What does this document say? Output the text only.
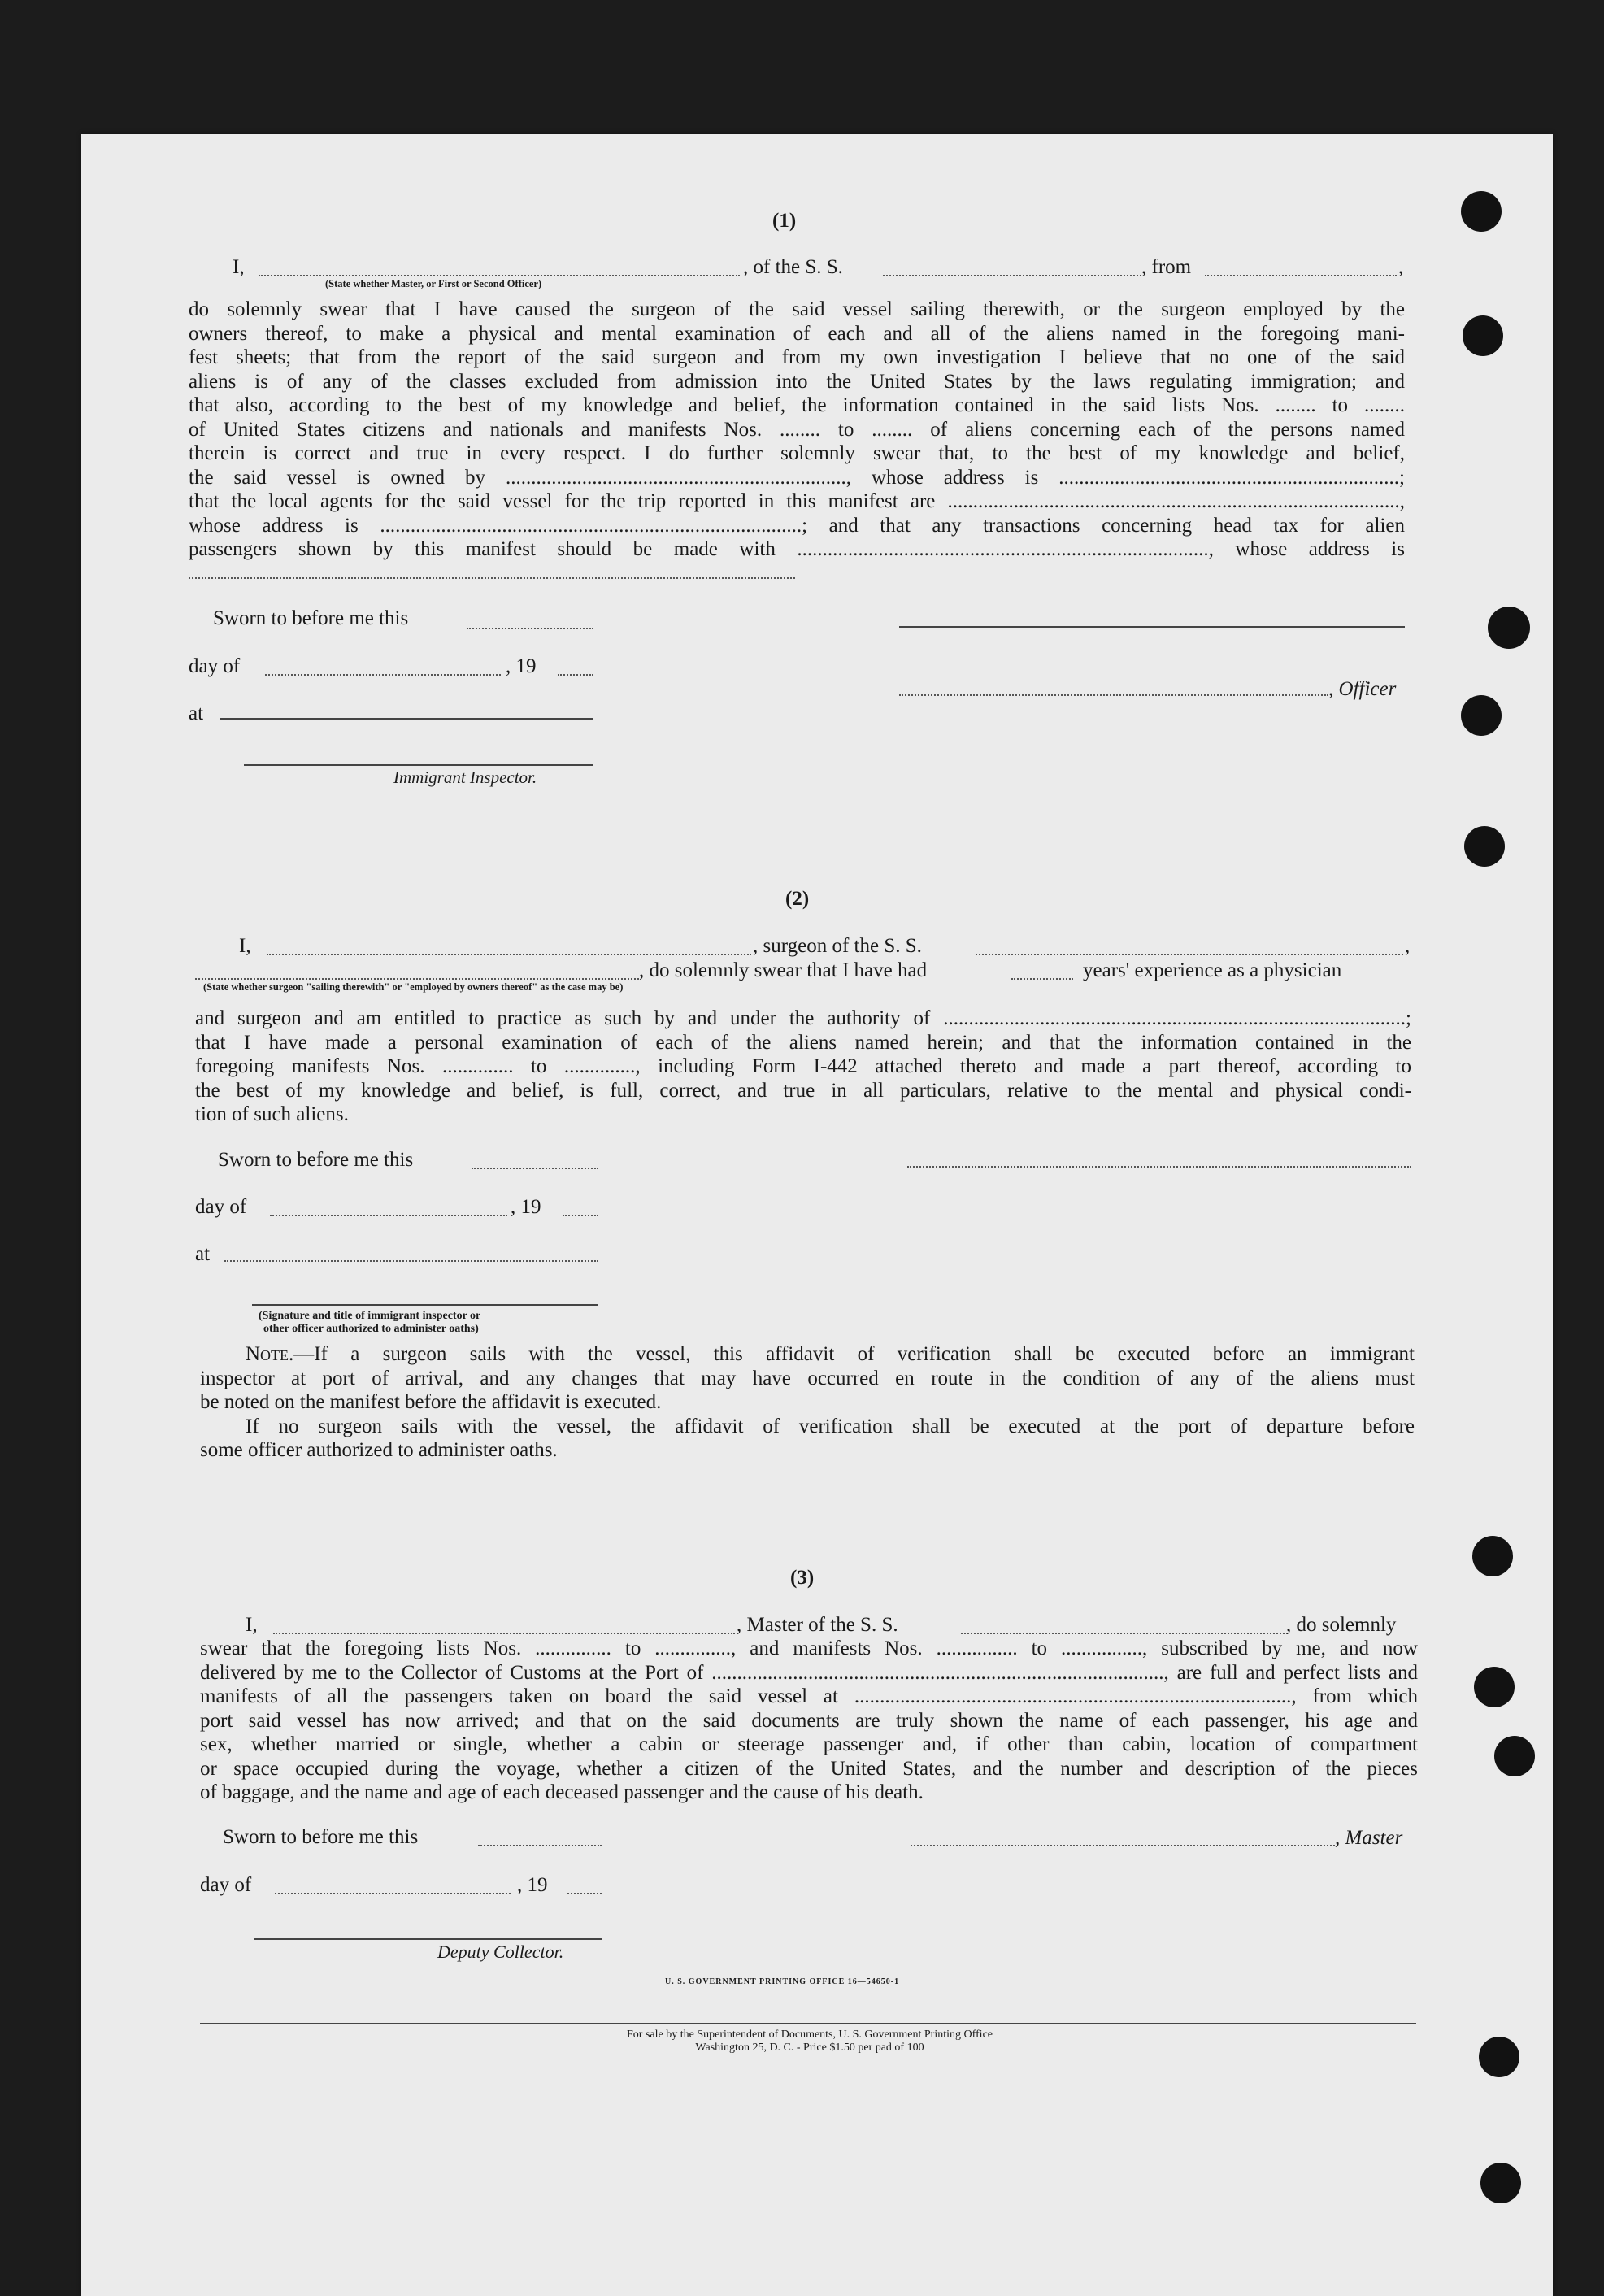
(1)
I,
(State whether Master, or First or Second Officer)
, of the S. S.	, from	,
do solemnly swear that I have caused the surgeon of the said vessel sailing therewith, or the surgeon employed by the
owners thereof, to make a physical and mental examination of each and all of the aliens named in the foregoing mani-
fest sheets; that from the report of the said surgeon and from my own investigation I believe that no one of the said
aliens is of any of the classes excluded from admission into the United States by the laws regulating immigration; and
that also, according to the best of my knowledge and belief, the information contained in the said lists Nos. ........ to ........
of United States citizens and nationals and manifests Nos. ........ to ........ of aliens concerning each of the persons named
therein is correct and true in every respect. I do further solemnly swear that, to the best of my knowledge and belief,
the said vessel is owned by ..................................................................., whose address is ...................................................................;
that the local agents for the said vessel for the trip reported in this manifest are .........................................................................................,
whose address is ...................................................................................; and that any transactions concerning head tax for alien
passengers shown by this manifest should be made with ................................................................................., whose address is
Sworn to before me this
day of	, 19
, Officer
at
Immigrant Inspector.
(2)
I,	, surgeon of the S. S.	,
(State whether surgeon "sailing therewith" or "employed by owners thereof" as the case may be)
, do solemnly swear that I have had	years' experience as a physician
and surgeon and am entitled to practice as such by and under the authority of ...........................................................................................;
that I have made a personal examination of each of the aliens named herein; and that the information contained in the
foregoing manifests Nos. .............. to .............., including Form I-442 attached thereto and made a part thereof, according to
the best of my knowledge and belief, is full, correct, and true in all particulars, relative to the mental and physical condi-
tion of such aliens.
Sworn to before me this
day of	, 19
at
(Signature and title of immigrant inspector or
other officer authorized to administer oaths)
Note.—If a surgeon sails with the vessel, this affidavit of verification shall be executed before an immigrant
inspector at port of arrival, and any changes that may have occurred en route in the condition of any of the aliens must
be noted on the manifest before the affidavit is executed.
If no surgeon sails with the vessel, the affidavit of verification shall be executed at the port of departure before
some officer authorized to administer oaths.
(3)
I,	, Master of the S. S.	, do solemnly
swear that the foregoing lists Nos. ............... to ..............., and manifests Nos. ................ to ................, subscribed by me, and now
delivered by me to the Collector of Customs at the Port of ........................................................................................., are full and perfect lists and
manifests of all the passengers taken on board the said vessel at ......................................................................................, from which
port said vessel has now arrived; and that on the said documents are truly shown the name of each passenger, his age and
sex, whether married or single, whether a cabin or steerage passenger and, if other than cabin, location of compartment
or space occupied during the voyage, whether a citizen of the United States, and the number and description of the pieces
of baggage, and the name and age of each deceased passenger and the cause of his death.
Sworn to before me this	, Master
day of	, 19
Deputy Collector.
U. S. GOVERNMENT PRINTING OFFICE 16—54650-1
For sale by the Superintendent of Documents, U. S. Government Printing Office
Washington 25, D. C. - Price $1.50 per pad of 100
